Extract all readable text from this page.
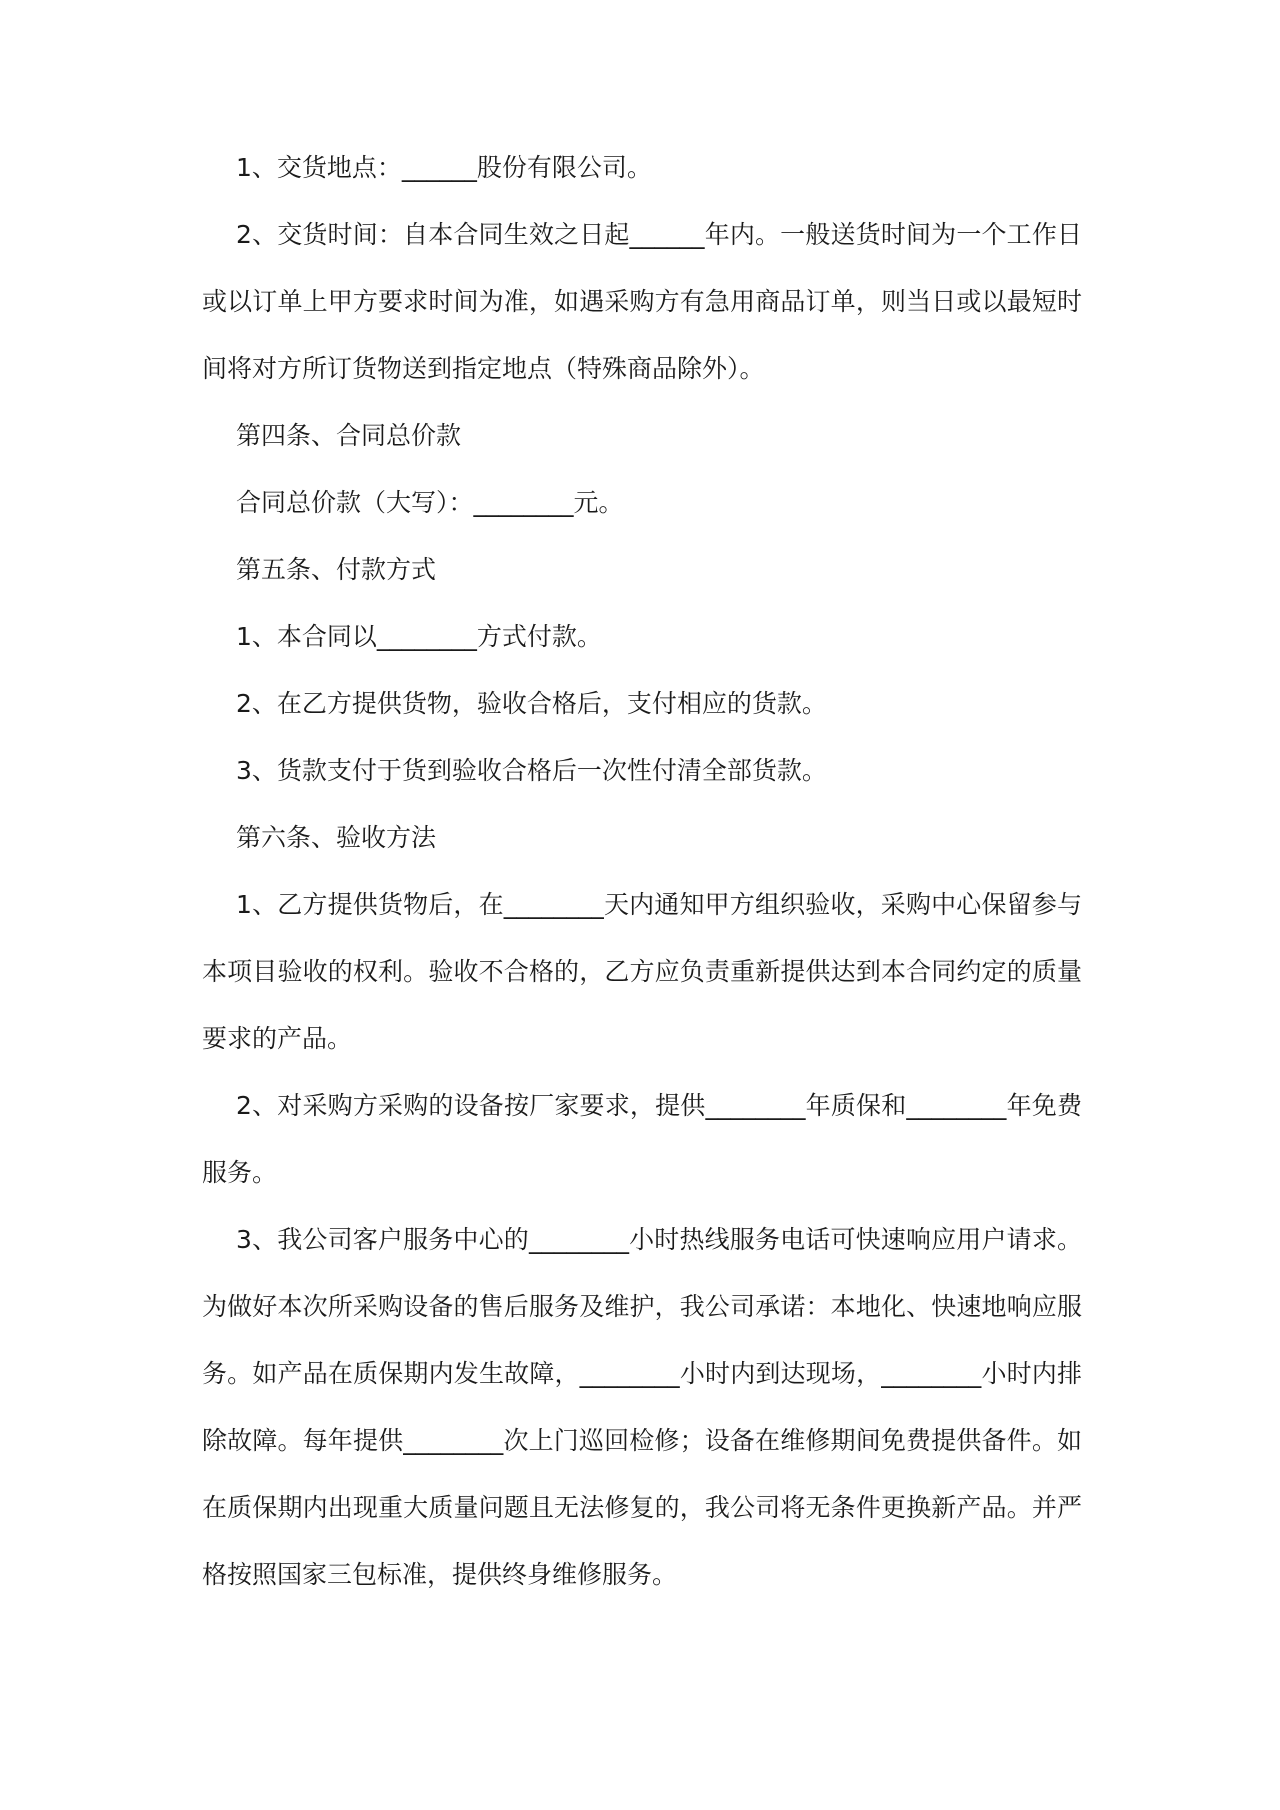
1、交货地点：______股份有限公司。

2、交货时间：自本合同生效之日起______年内。一般送货时间为一个工作日或以订单上甲方要求时间为准，如遇采购方有急用商品订单，则当日或以最短时间将对方所订货物送到指定地点（特殊商品除外）。

第四条、合同总价款

合同总价款（大写）：________元。

第五条、付款方式

1、本合同以________方式付款。

2、在乙方提供货物，验收合格后，支付相应的货款。

3、货款支付于货到验收合格后一次性付清全部货款。

第六条、验收方法

1、乙方提供货物后，在________天内通知甲方组织验收，采购中心保留参与本项目验收的权利。验收不合格的，乙方应负责重新提供达到本合同约定的质量要求的产品。

2、对采购方采购的设备按厂家要求，提供________年质保和________年免费服务。

3、我公司客户服务中心的________小时热线服务电话可快速响应用户请求。为做好本次所采购设备的售后服务及维护，我公司承诺：本地化、快速地响应服务。如产品在质保期内发生故障，________小时内到达现场，________小时内排除故障。每年提供________次上门巡回检修；设备在维修期间免费提供备件。如在质保期内出现重大质量问题且无法修复的，我公司将无条件更换新产品。并严格按照国家三包标准，提供终身维修服务。
